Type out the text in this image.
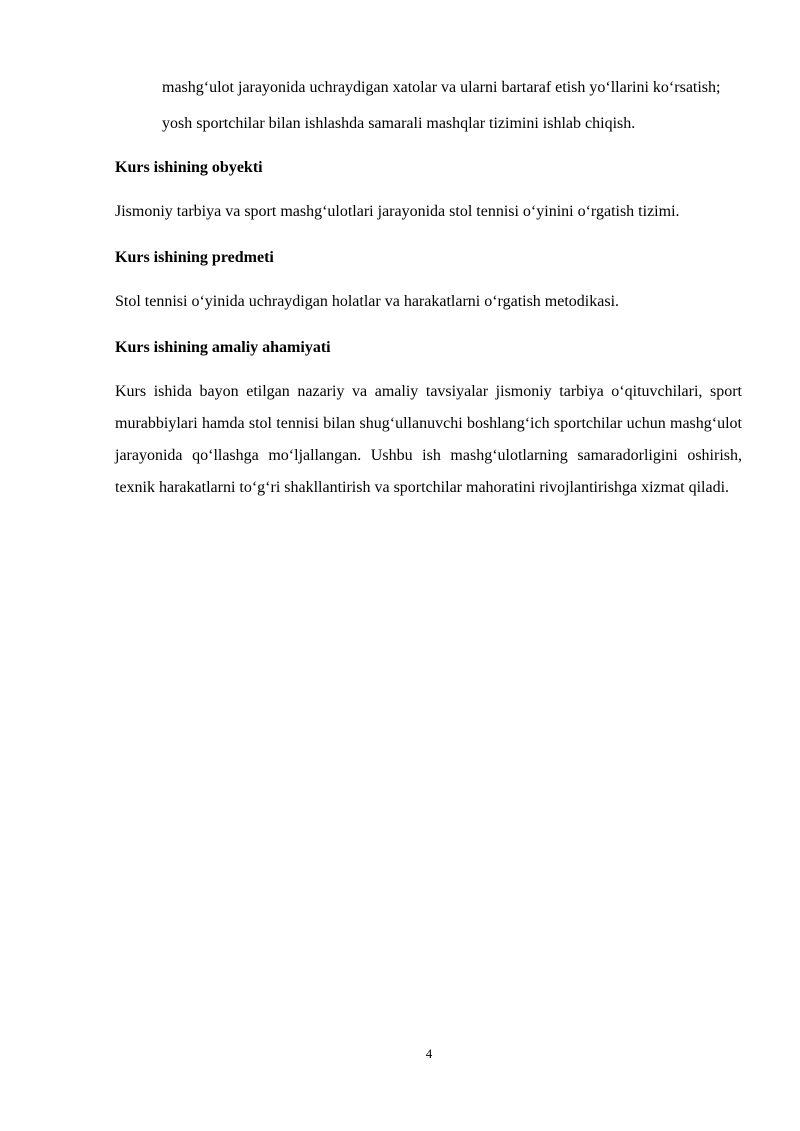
mashg‘ulot jarayonida uchraydigan xatolar va ularni bartaraf etish yo‘llarini ko‘rsatish;

yosh sportchilar bilan ishlashda samarali mashqlar tizimini ishlab chiqish.

Kurs ishining obyekti

Jismoniy tarbiya va sport mashg‘ulotlari jarayonida stol tennisi o‘yinini o‘rgatish tizimi.

Kurs ishining predmeti

Stol tennisi o‘yinida uchraydigan holatlar va harakatlarni o‘rgatish metodikasi.

Kurs ishining amaliy ahamiyati

Kurs ishida bayon etilgan nazariy va amaliy tavsiyalar jismoniy tarbiya o‘qituvchilari, sport murabbiylari hamda stol tennisi bilan shug‘ullanuvchi boshlang‘ich sportchilar uchun mashg‘ulot jarayonida qo‘llashga mo‘ljallangan. Ushbu ish mashg‘ulotlarning samaradorligini oshirish, texnik harakatlarni to‘g‘ri shakllantirish va sportchilar mahoratini rivojlantirishga xizmat qiladi.

4
